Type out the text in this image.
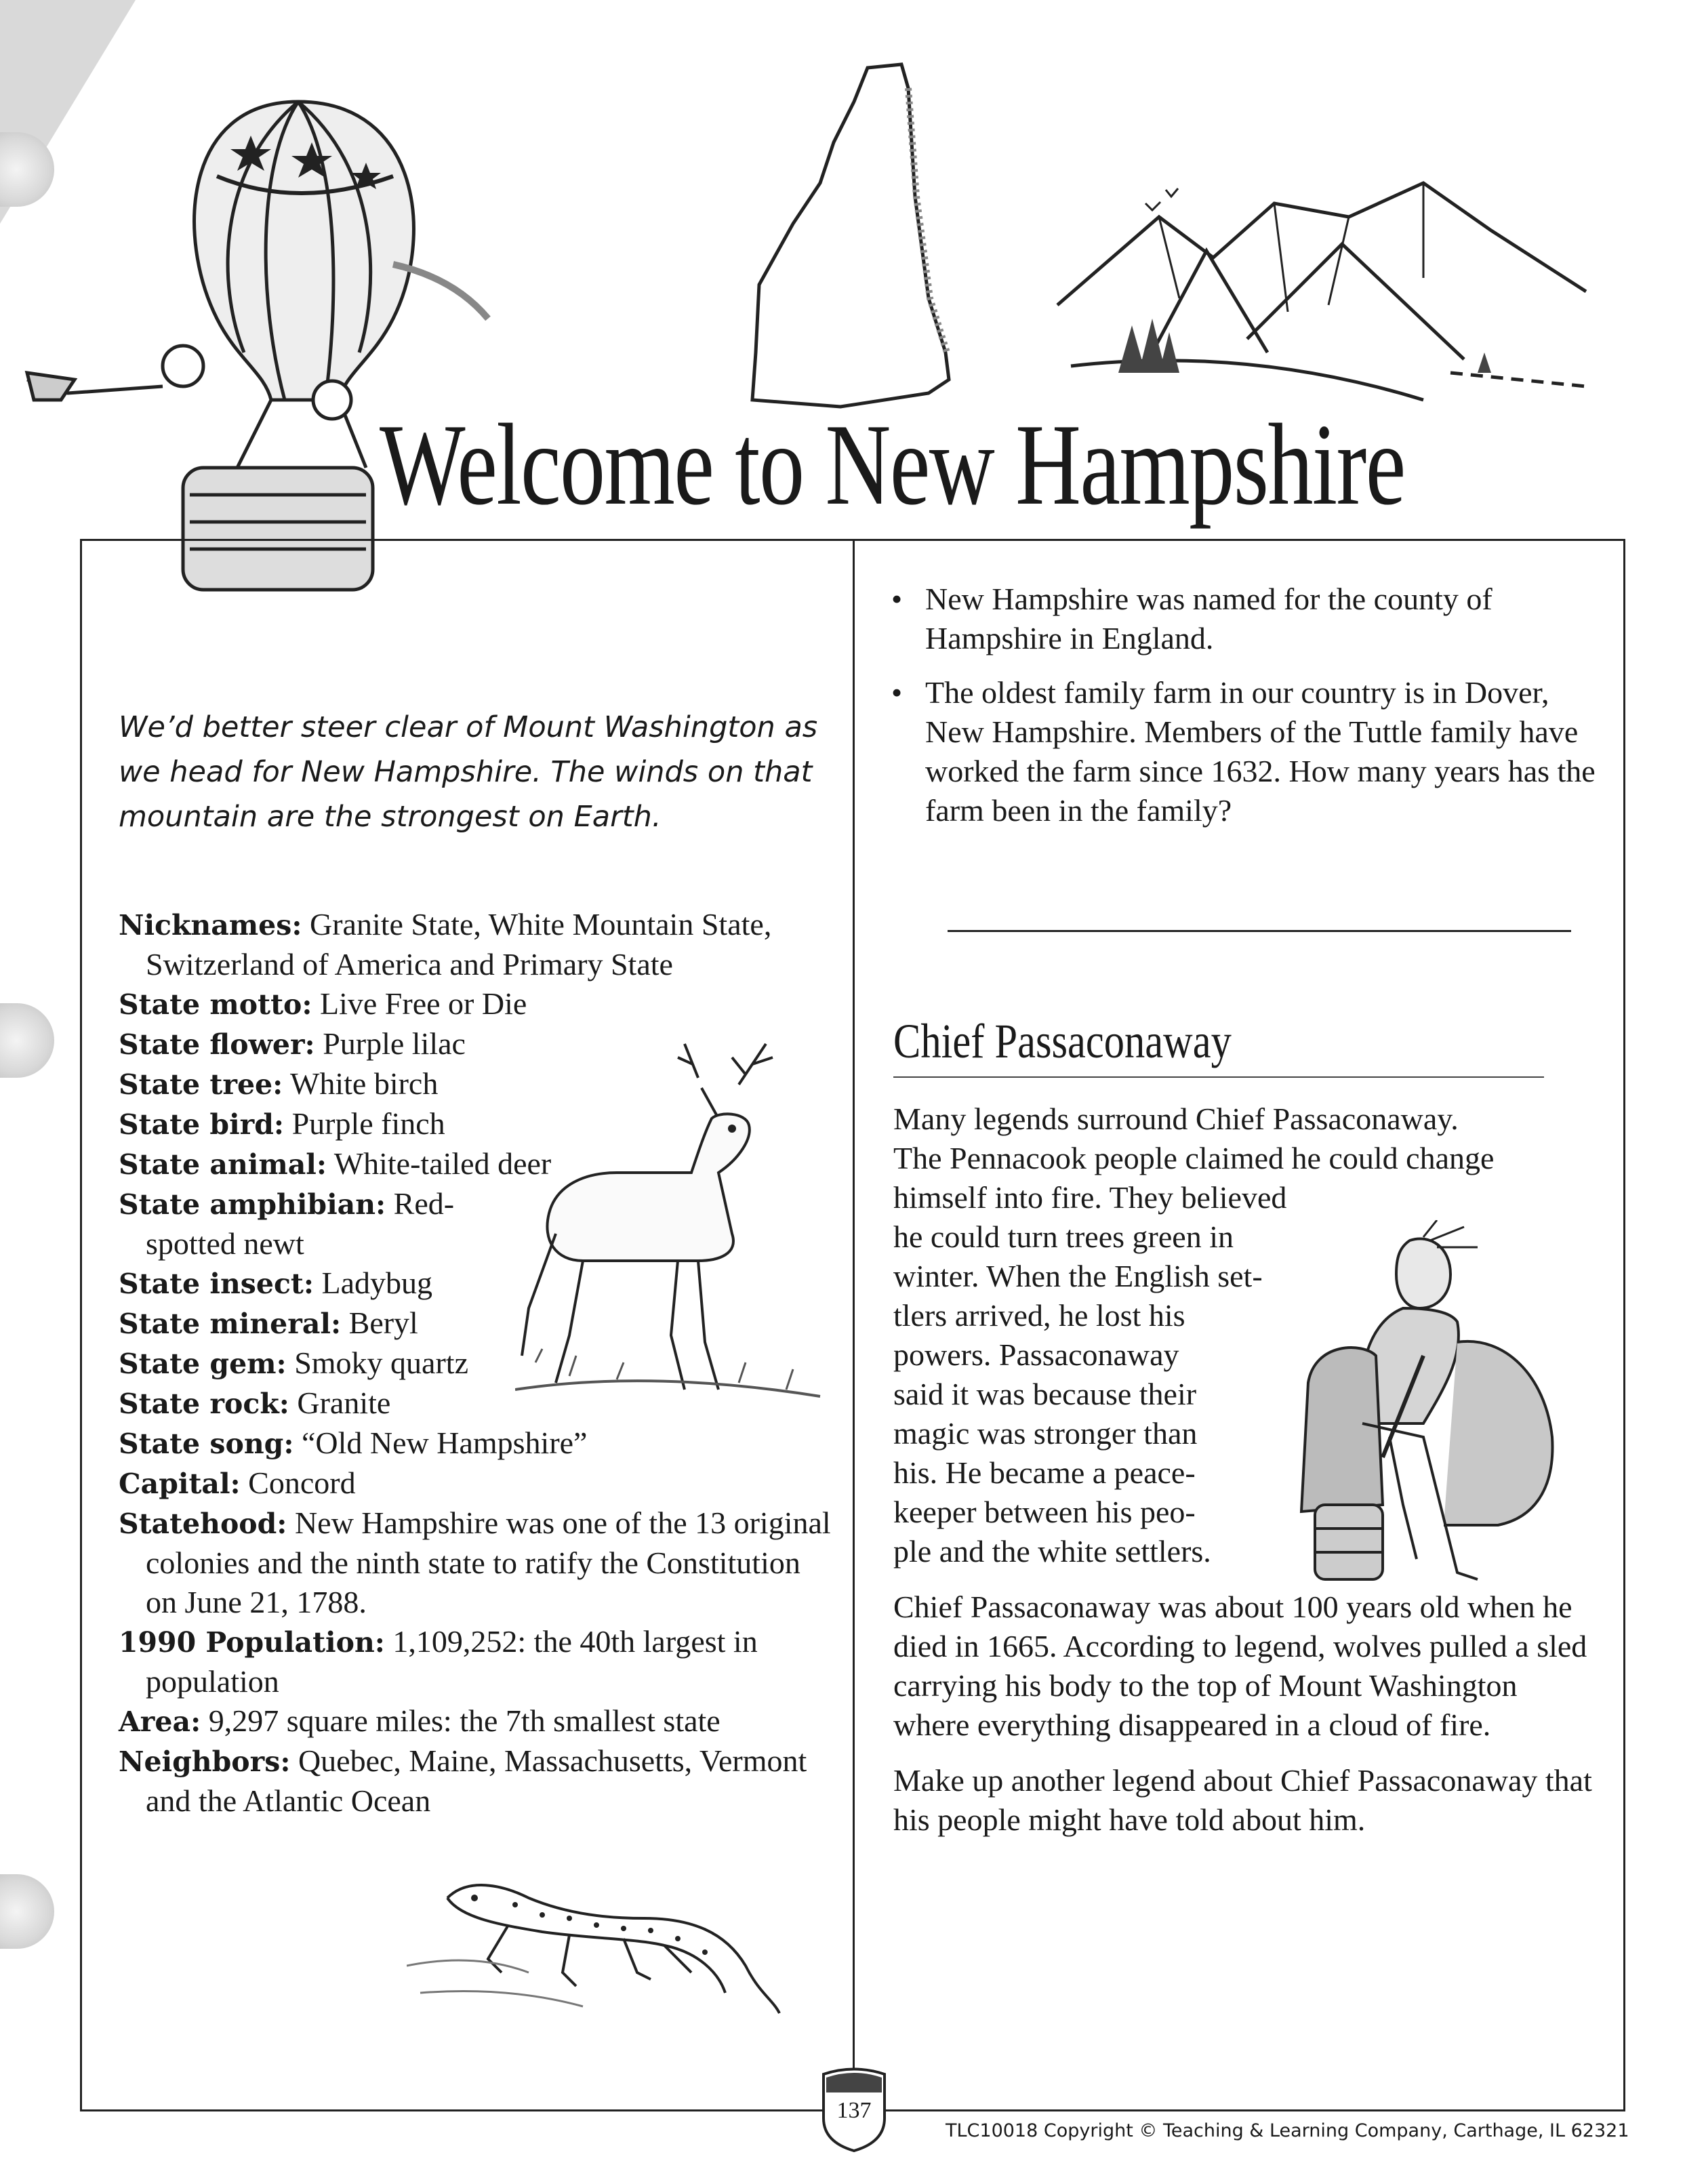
Welcome to New Hampshire
We’d better steer clear of Mount Washington as we head for New Hampshire. The winds on that mountain are the strongest on Earth.
Nicknames: Granite State, White Mountain State, Switzerland of America and Primary State
State motto: Live Free or Die
State flower: Purple lilac
State tree: White birch
State bird: Purple finch
State animal: White-tailed deer
State amphibian: Red-spotted newt
State insect: Ladybug
State mineral: Beryl
State gem: Smoky quartz
State rock: Granite
State song: “Old New Hampshire”
Capital: Concord
Statehood: New Hampshire was one of the 13 original colonies and the ninth state to ratify the Constitution on June 21, 1788.
1990 Population: 1,109,252: the 40th largest in population
Area: 9,297 square miles: the 7th smallest state
Neighbors: Quebec, Maine, Massachusetts, Vermont and the Atlantic Ocean
• New Hampshire was named for the county of Hampshire in England.
• The oldest family farm in our country is in Dover, New Hampshire. Members of the Tuttle family have worked the farm since 1632. How many years has the farm been in the family?
Chief Passaconaway

Many legends surround Chief Passaconaway.
The Pennacook people claimed he could change
himself into fire. They believed
he could turn trees green in
winter. When the English set-
tlers arrived, he lost his
powers. Passaconaway
said it was because their
magic was stronger than
his. He became a peace-
keeper between his peo-
ple and the white settlers.

Chief Passaconaway was about 100 years old when he died in 1665. According to legend, wolves pulled a sled carrying his body to the top of Mount Washington where everything disappeared in a cloud of fire.

Make up another legend about Chief Passaconaway that his people might have told about him.

137
TLC10018 Copyright © Teaching & Learning Company, Carthage, IL 62321
